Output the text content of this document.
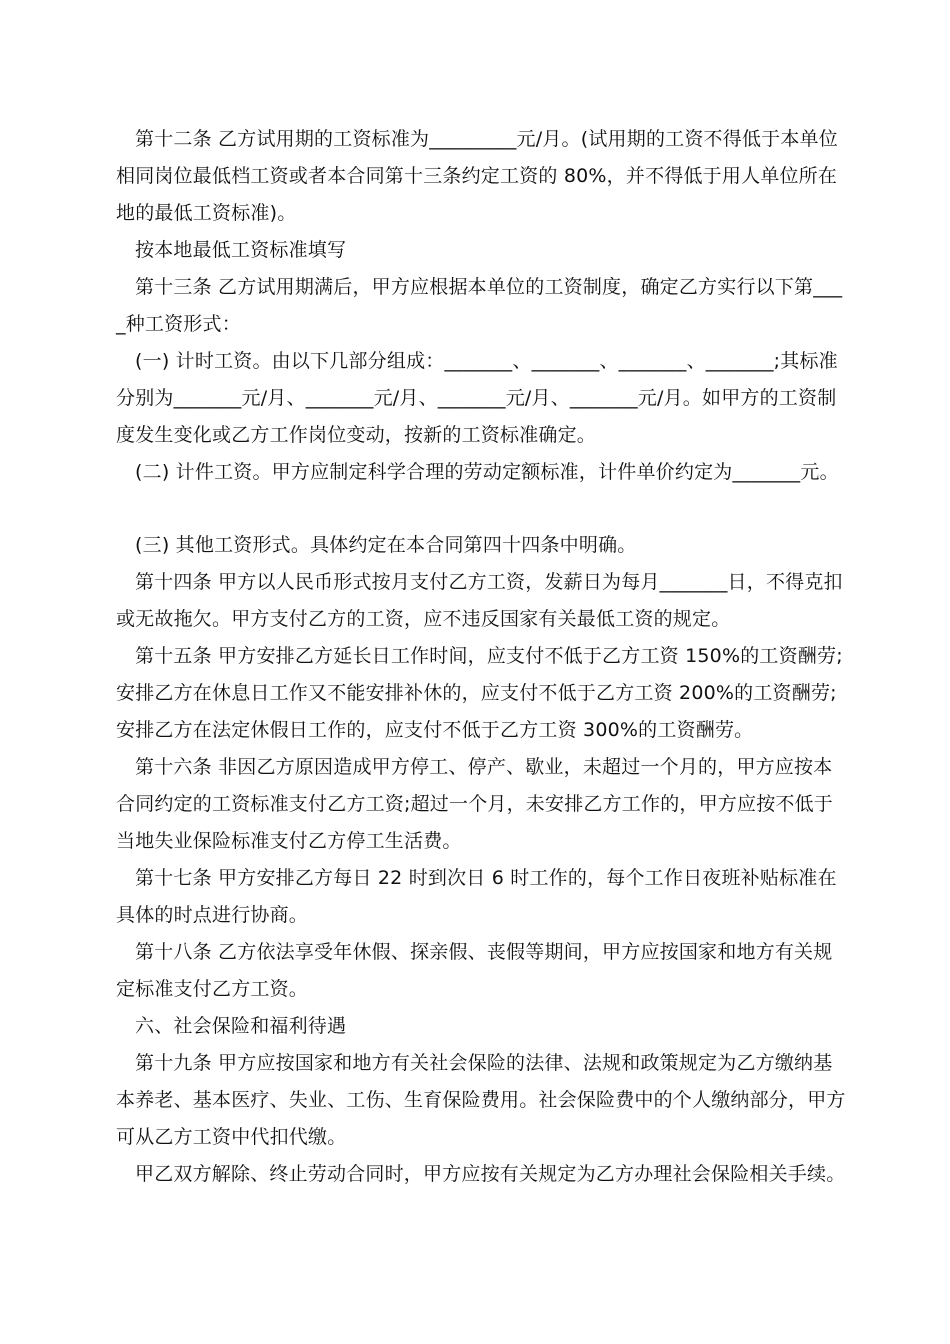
第十二条 乙方试用期的工资标准为_________元/月。(试用期的工资不得低于本单位相同岗位最低档工资或者本合同第十三条约定工资的 80%，并不得低于用人单位所在地的最低工资标准)。

按本地最低工资标准填写

第十三条 乙方试用期满后，甲方应根据本单位的工资制度，确定乙方实行以下第____种工资形式：

(一) 计时工资。由以下几部分组成：_______、_______、_______、_______;其标准分别为_______元/月、_______元/月、_______元/月、_______元/月。如甲方的工资制度发生变化或乙方工作岗位变动，按新的工资标准确定。

(二) 计件工资。甲方应制定科学合理的劳动定额标准，计件单价约定为_______元。

(三) 其他工资形式。具体约定在本合同第四十四条中明确。

第十四条 甲方以人民币形式按月支付乙方工资，发薪日为每月_______日，不得克扣或无故拖欠。甲方支付乙方的工资，应不违反国家有关最低工资的规定。

第十五条 甲方安排乙方延长日工作时间，应支付不低于乙方工资 150%的工资酬劳;安排乙方在休息日工作又不能安排补休的，应支付不低于乙方工资 200%的工资酬劳;安排乙方在法定休假日工作的，应支付不低于乙方工资 300%的工资酬劳。

第十六条 非因乙方原因造成甲方停工、停产、歇业，未超过一个月的，甲方应按本合同约定的工资标准支付乙方工资;超过一个月，未安排乙方工作的，甲方应按不低于当地失业保险标准支付乙方停工生活费。

第十七条 甲方安排乙方每日 22 时到次日 6 时工作的，每个工作日夜班补贴标准在具体的时点进行协商。

第十八条 乙方依法享受年休假、探亲假、丧假等期间，甲方应按国家和地方有关规定标准支付乙方工资。

六、社会保险和福利待遇

第十九条 甲方应按国家和地方有关社会保险的法律、法规和政策规定为乙方缴纳基本养老、基本医疗、失业、工伤、生育保险费用。社会保险费中的个人缴纳部分，甲方可从乙方工资中代扣代缴。

甲乙双方解除、终止劳动合同时，甲方应按有关规定为乙方办理社会保险相关手续。
